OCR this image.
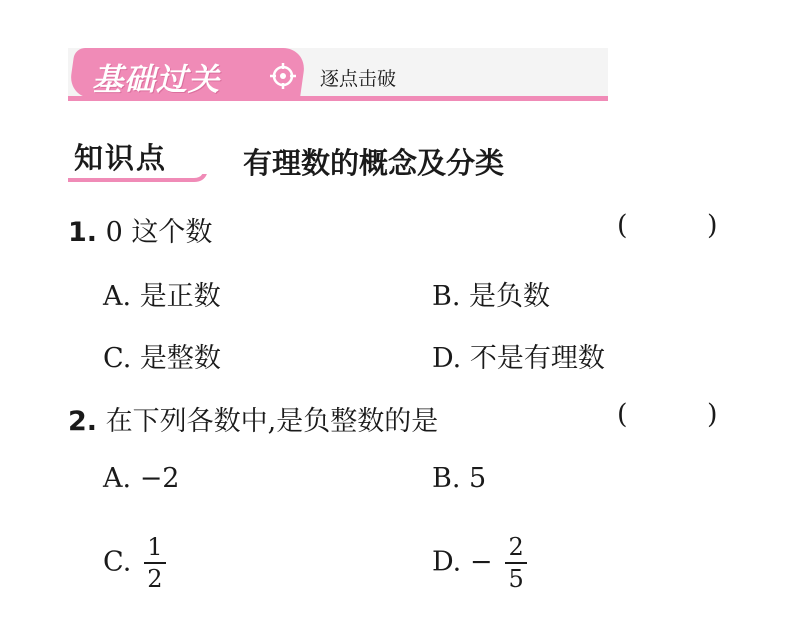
基础过关	逐点击破
知识点	有理数的概念及分类
1. 0 这个数	(	)
A. 是正数	B. 是负数
C. 是整数	D. 不是有理数
2. 在下列各数中,是负整数的是	(	)
A. −2	B. 5
C. $\frac{1}{2}$	D. − $\frac{2}{5}$
